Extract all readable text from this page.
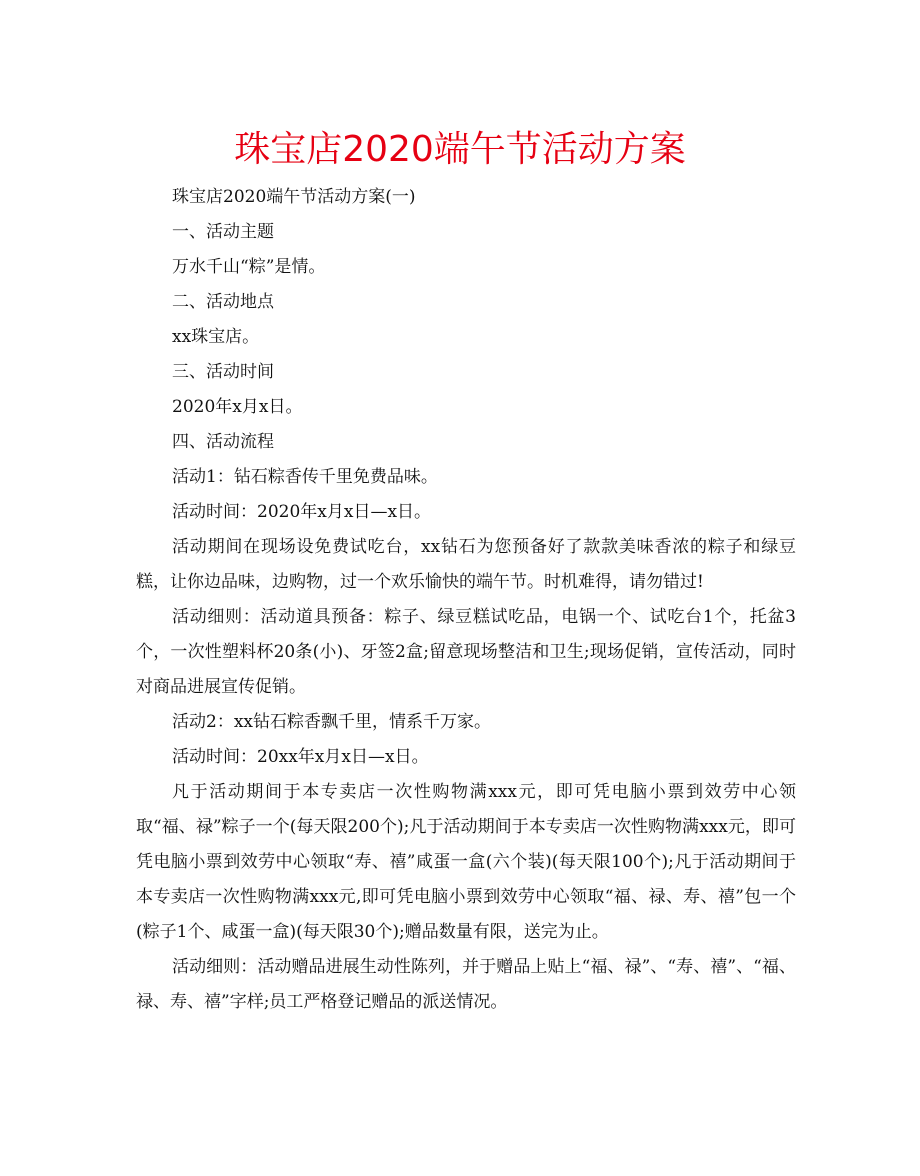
珠宝店2020端午节活动方案

珠宝店2020端午节活动方案(一)

一、活动主题

万水千山“粽”是情。

二、活动地点

xx珠宝店。

三、活动时间

2020年x月x日。

四、活动流程

活动1：钻石粽香传千里免费品味。

活动时间：2020年x月x日—x日。

活动期间在现场设免费试吃台，xx钻石为您预备好了款款美味香浓的粽子和绿豆糕，让你边品味，边购物，过一个欢乐愉快的端午节。时机难得，请勿错过!

活动细则：活动道具预备：粽子、绿豆糕试吃品，电锅一个、试吃台1个，托盆3个，一次性塑料杯20条(小)、牙签2盒;留意现场整洁和卫生;现场促销，宣传活动，同时对商品进展宣传促销。

活动2：xx钻石粽香飘千里，情系千万家。

活动时间：20xx年x月x日—x日。

凡于活动期间于本专卖店一次性购物满xxx元，即可凭电脑小票到效劳中心领取“福、禄”粽子一个(每天限200个);凡于活动期间于本专卖店一次性购物满xxx元，即可凭电脑小票到效劳中心领取“寿、禧”咸蛋一盒(六个装)(每天限100个);凡于活动期间于本专卖店一次性购物满xxx元,即可凭电脑小票到效劳中心领取“福、禄、寿、禧”包一个(粽子1个、咸蛋一盒)(每天限30个);赠品数量有限，送完为止。

活动细则：活动赠品进展生动性陈列，并于赠品上贴上“福、禄”、“寿、禧”、“福、禄、寿、禧”字样;员工严格登记赠品的派送情况。
